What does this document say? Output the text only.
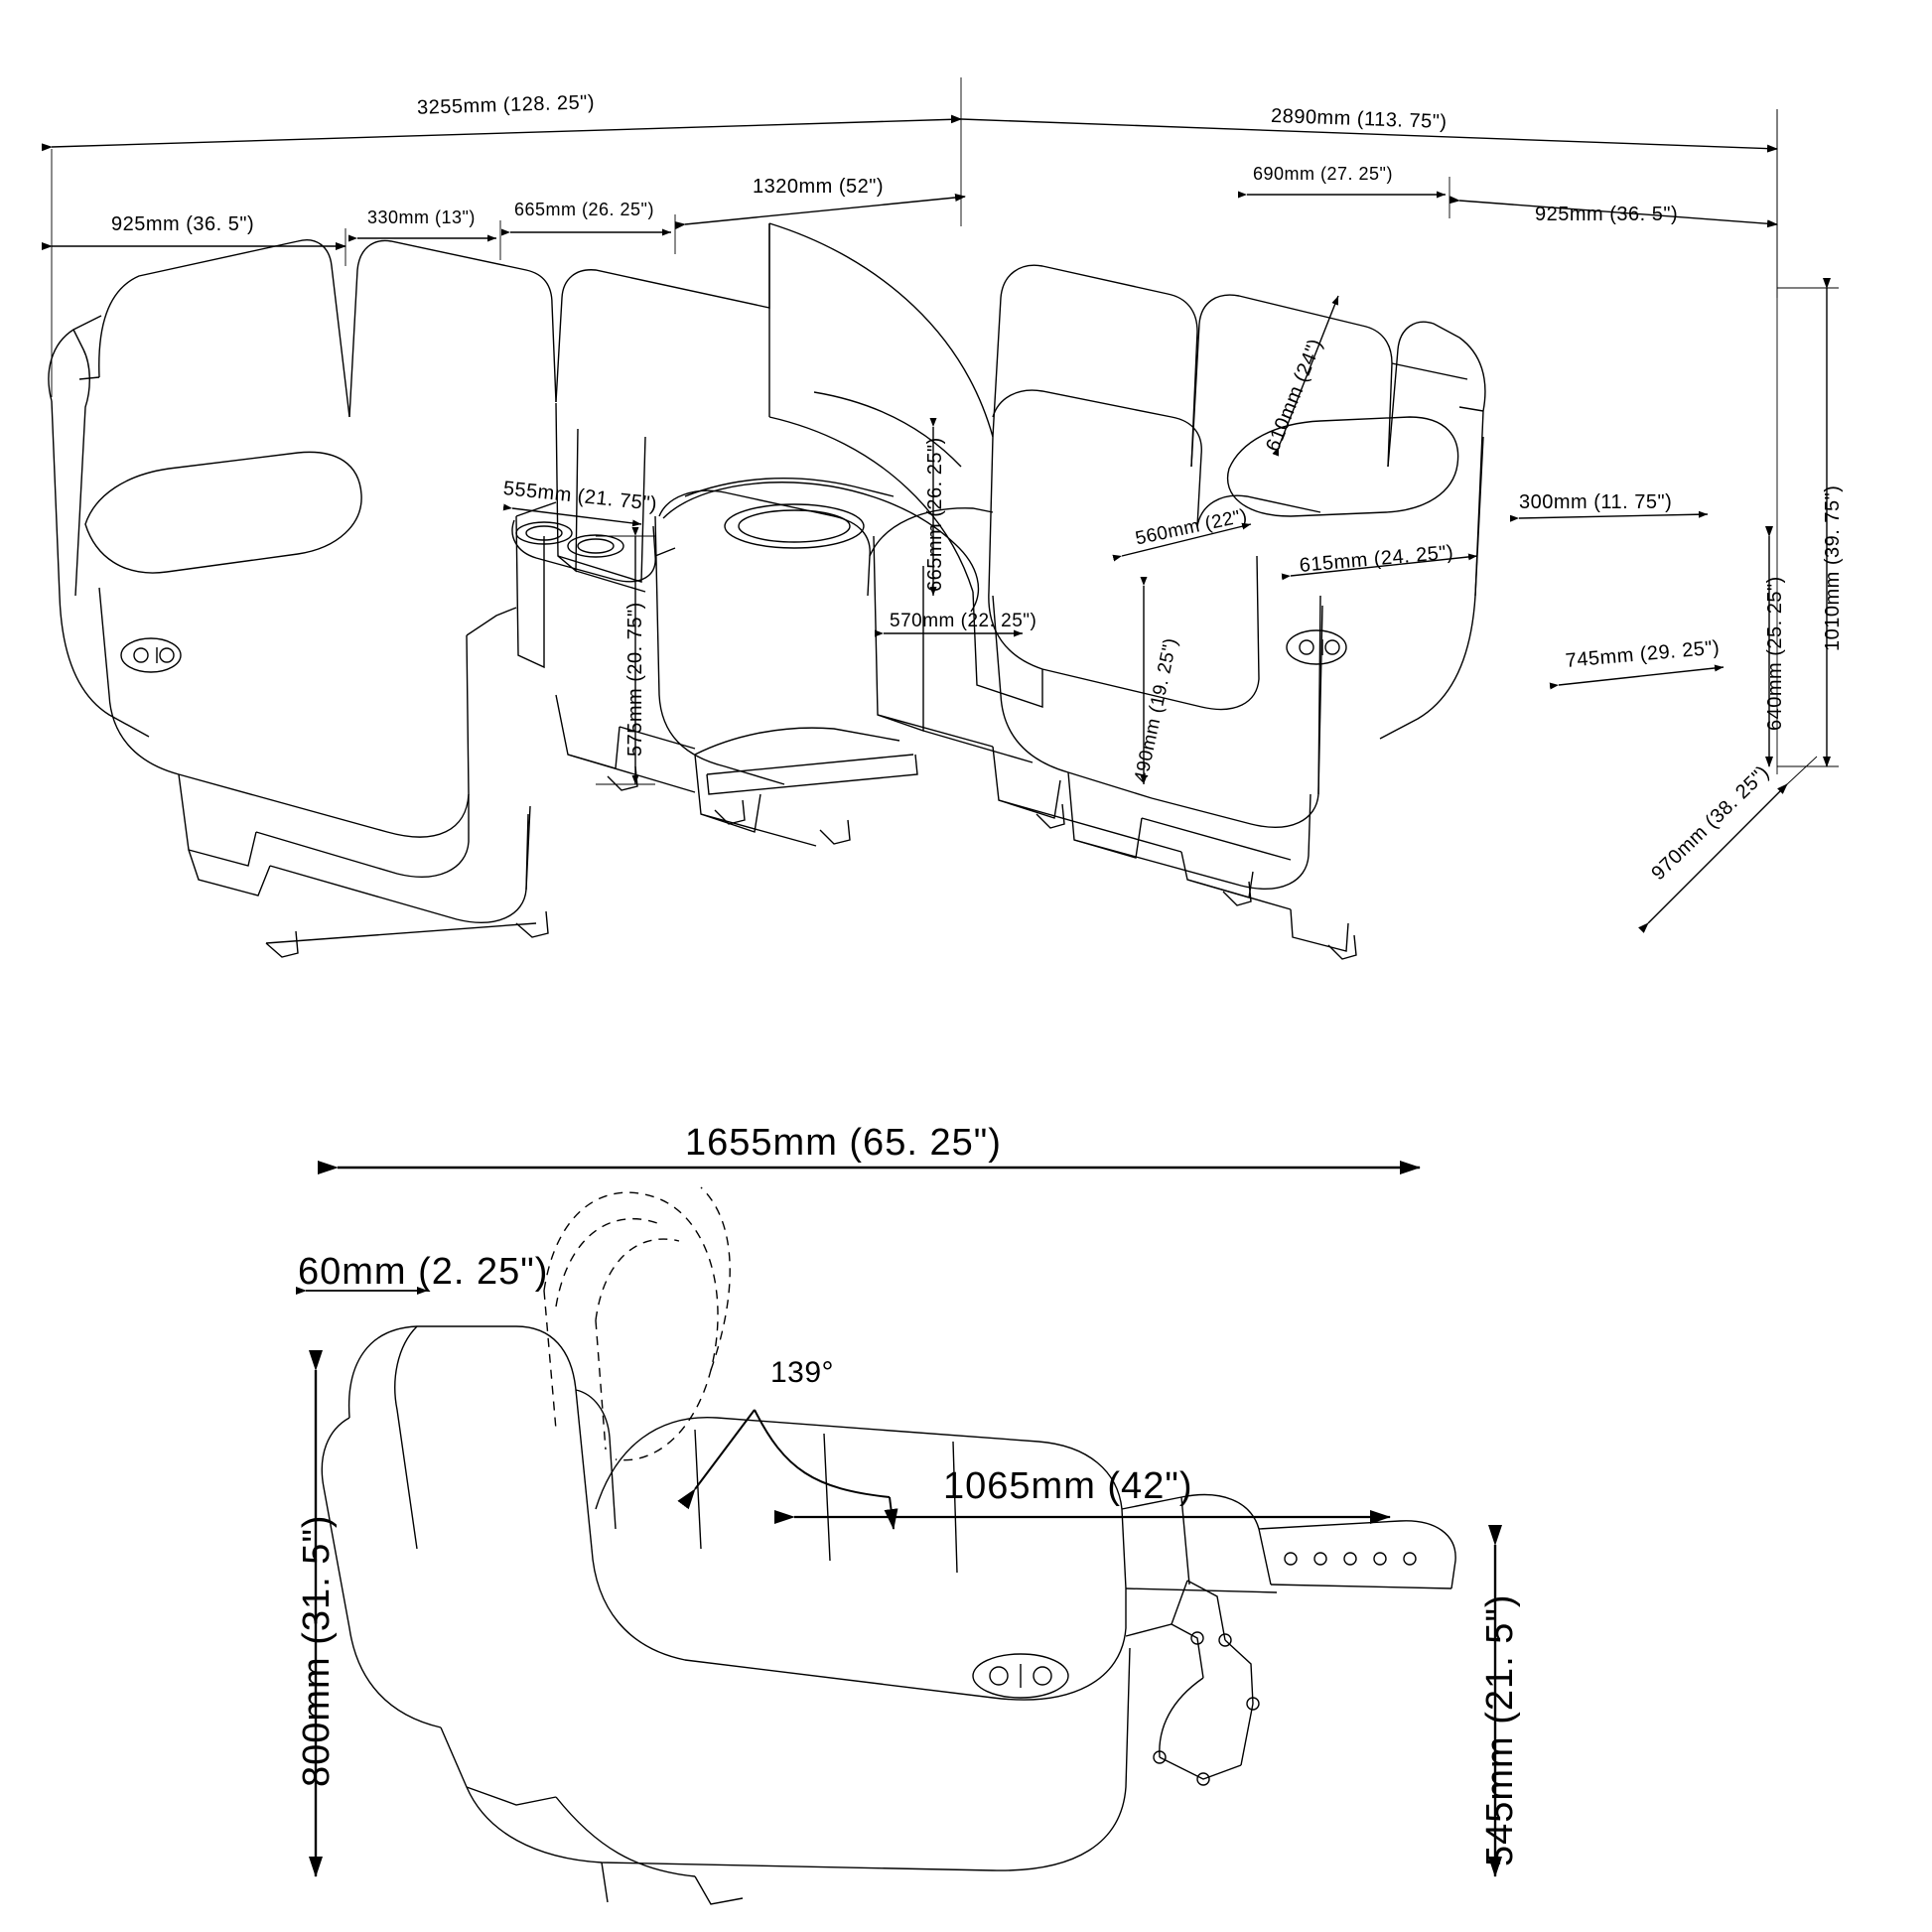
3255mm (128. 25")	2890mm (113. 75")
925mm (36. 5")	330mm (13") 665mm (26. 25")
1320mm (52")
690mm (27. 25")
925mm (36. 5")
1010mm (39. 75")
640mm (25. 25")
970mm (38. 25")
555mm (21. 75")
575mm (20. 75")
665mm (26. 25")
570mm (22. 25")
610mm (24")
560mm (22")
615mm (24. 25")
490mm (19. 25")
300mm (11. 75")
745mm (29. 25")
1655mm (65. 25")
60mm (2. 25")
139°
1065mm (42")
800mm (31. 5")	545mm (21. 5")
